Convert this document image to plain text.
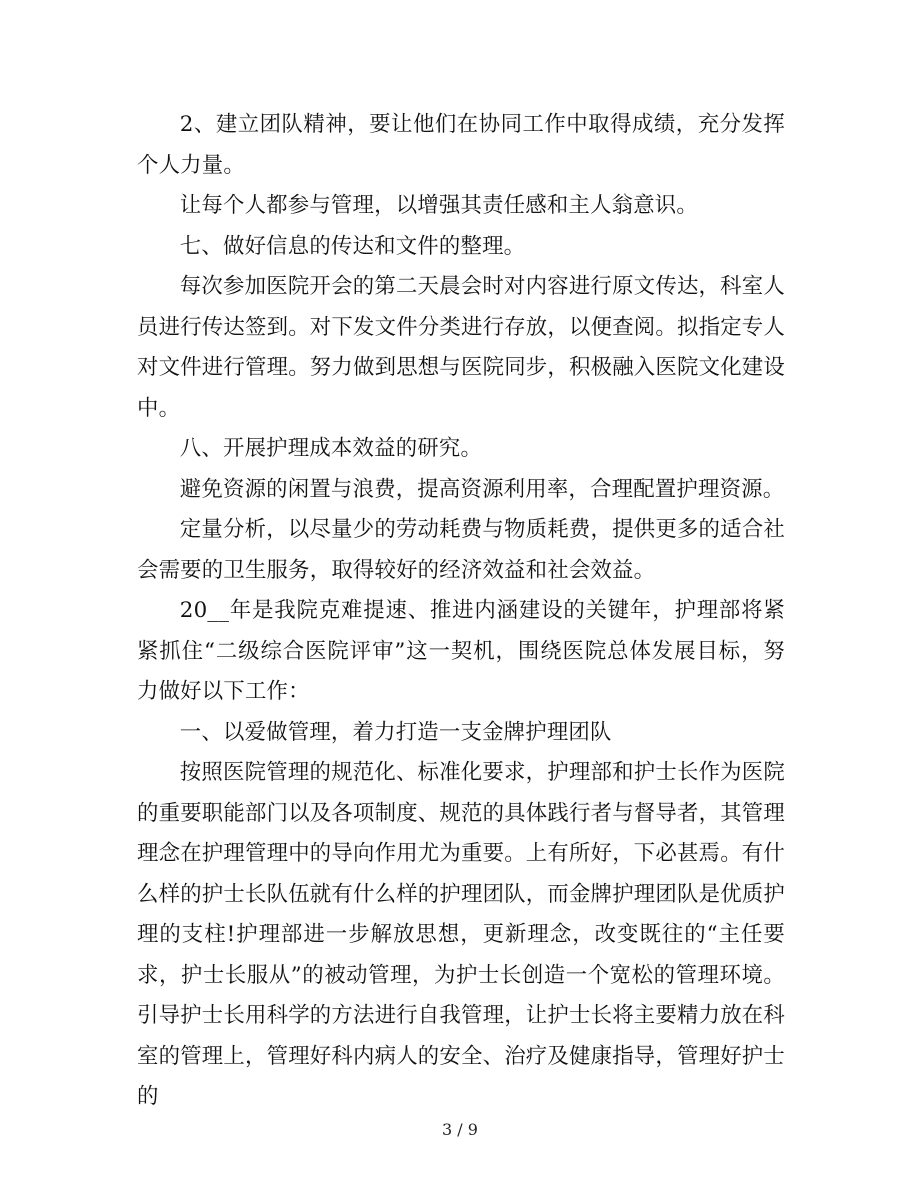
2、建立团队精神，要让他们在协同工作中取得成绩，充分发挥个人力量。

让每个人都参与管理，以增强其责任感和主人翁意识。

七、做好信息的传达和文件的整理。

每次参加医院开会的第二天晨会时对内容进行原文传达，科室人员进行传达签到。对下发文件分类进行存放，以便查阅。拟指定专人对文件进行管理。努力做到思想与医院同步，积极融入医院文化建设中。

八、开展护理成本效益的研究。

避免资源的闲置与浪费，提高资源利用率，合理配置护理资源。

定量分析，以尽量少的劳动耗费与物质耗费，提供更多的适合社会需要的卫生服务，取得较好的经济效益和社会效益。

20__年是我院克难提速、推进内涵建设的关键年，护理部将紧紧抓住“二级综合医院评审”这一契机，围绕医院总体发展目标，努力做好以下工作：

一、以爱做管理，着力打造一支金牌护理团队

按照医院管理的规范化、标准化要求，护理部和护士长作为医院的重要职能部门以及各项制度、规范的具体践行者与督导者，其管理理念在护理管理中的导向作用尤为重要。上有所好，下必甚焉。有什么样的护士长队伍就有什么样的护理团队，而金牌护理团队是优质护理的支柱!护理部进一步解放思想，更新理念，改变既往的“主任要求，护士长服从”的被动管理，为护士长创造一个宽松的管理环境。引导护士长用科学的方法进行自我管理，让护士长将主要精力放在科室的管理上，管理好科内病人的安全、治疗及健康指导，管理好护士的

3 / 9
